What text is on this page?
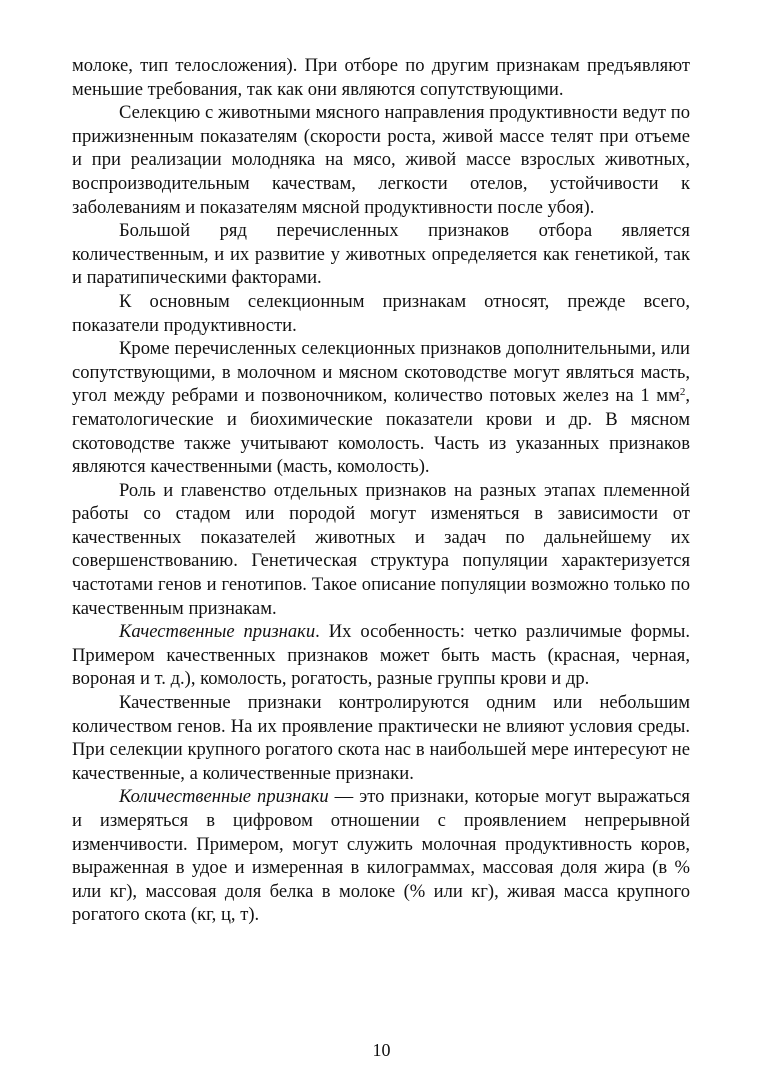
молоке, тип телосложения). При отборе по другим признакам предъявляют меньшие требования, так как они являются сопутствующими.

Селекцию с животными мясного направления продуктивности ведут по прижизненным показателям (скорости роста, живой массе телят при отъеме и при реализации молодняка на мясо, живой массе взрослых животных, воспроизводительным качествам, легкости отелов, устойчивости к заболеваниям и показателям мясной продуктивности после убоя).

Большой ряд перечисленных признаков отбора является количественным, и их развитие у животных определяется как генетикой, так и паратипическими факторами.

К основным селекционным признакам относят, прежде всего, показатели продуктивности.

Кроме перечисленных селекционных признаков дополнительными, или сопутствующими, в молочном и мясном скотоводстве могут являться масть, угол между ребрами и позвоночником, количество потовых желез на 1 $мм^2$, гематологические и биохимические показатели крови и др. В мясном скотоводстве также учитывают комолость. Часть из указанных признаков являются качественными (масть, комолость).

Роль и главенство отдельных признаков на разных этапах племенной работы со стадом или породой могут изменяться в зависимости от качественных показателей животных и задач по дальнейшему их совершенствованию. Генетическая структура популяции характеризуется частотами генов и генотипов. Такое описание популяции возможно только по качественным признакам.

Качественные признаки. Их особенность: четко различимые формы. Примером качественных признаков может быть масть (красная, черная, вороная и т. д.), комолость, рогатость, разные группы крови и др.

Качественные признаки контролируются одним или небольшим количеством генов. На их проявление практически не влияют условия среды. При селекции крупного рогатого скота нас в наибольшей мере интересуют не качественные, а количественные признаки.

Количественные признаки — это признаки, которые могут выражаться и измеряться в цифровом отношении с проявлением непрерывной изменчивости. Примером, могут служить молочная продуктивность коров, выраженная в удое и измеренная в килограммах, массовая доля жира (в % или кг), массовая доля белка в молоке (% или кг), живая масса крупного рогатого скота (кг, ц, т).

10
